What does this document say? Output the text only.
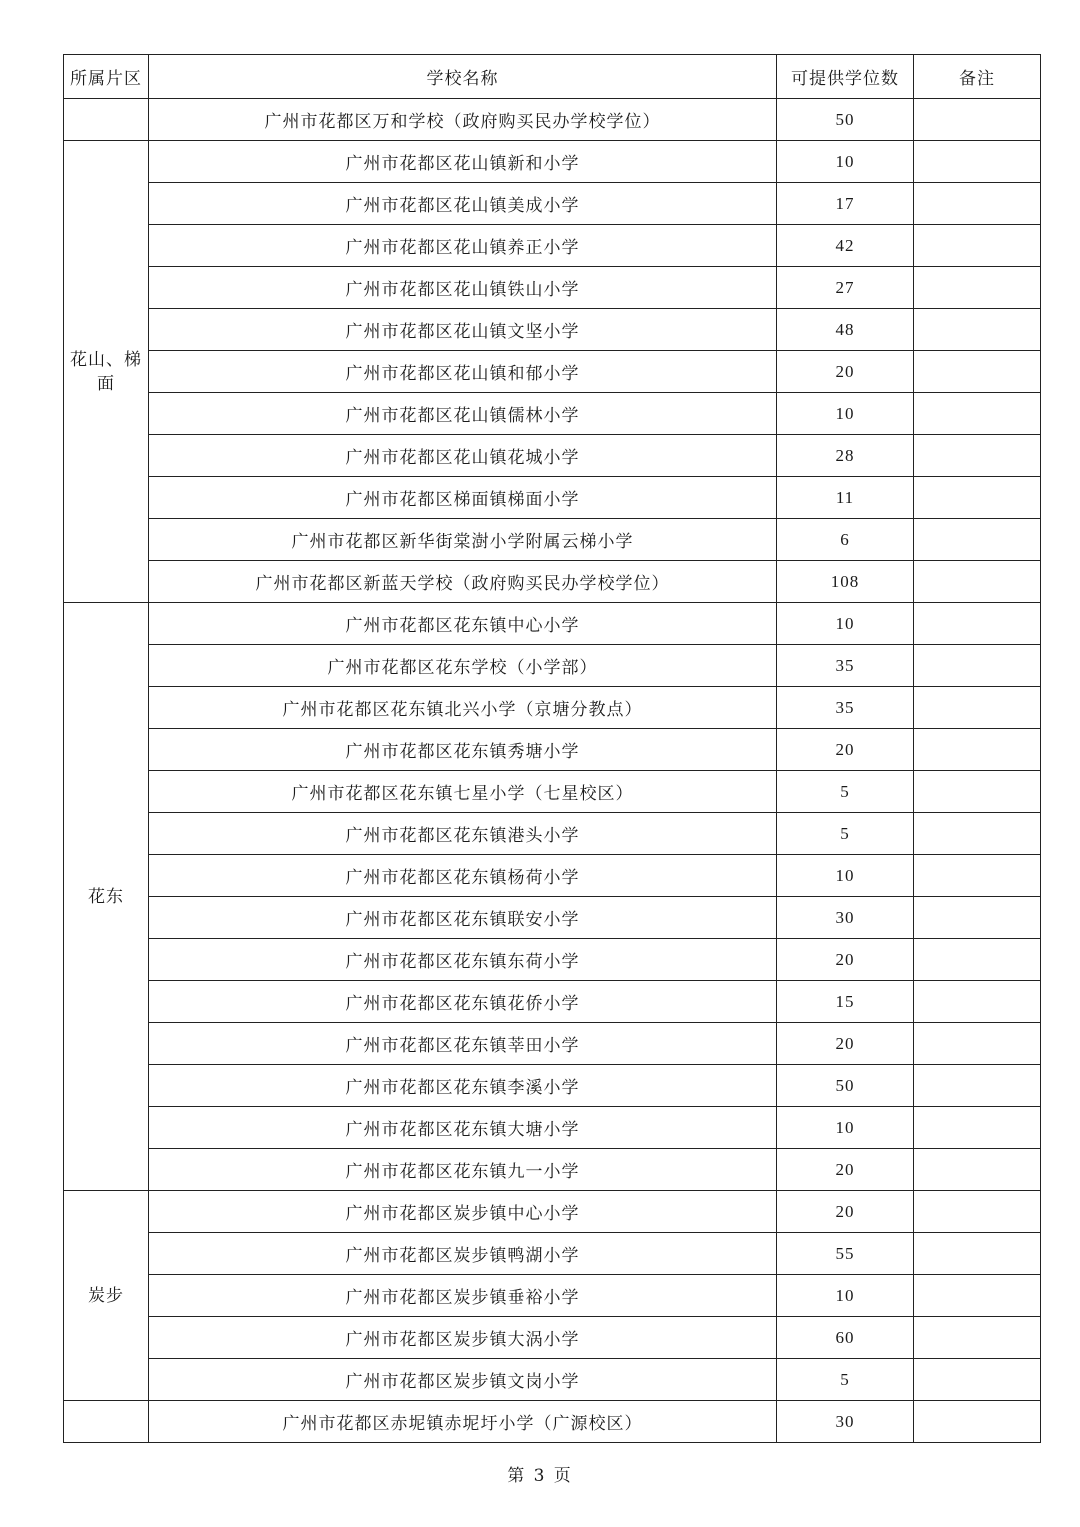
所属片区	学校名称	可提供学位数	备注
	广州市花都区万和学校（政府购买民办学校学位）	50	
花山、梯面	广州市花都区花山镇新和小学	10	
	广州市花都区花山镇美成小学	17	
	广州市花都区花山镇养正小学	42	
	广州市花都区花山镇铁山小学	27	
	广州市花都区花山镇文坚小学	48	
	广州市花都区花山镇和郁小学	20	
	广州市花都区花山镇儒林小学	10	
	广州市花都区花山镇花城小学	28	
	广州市花都区梯面镇梯面小学	11	
	广州市花都区新华街棠澍小学附属云梯小学	6	
	广州市花都区新蓝天学校（政府购买民办学校学位）	108	
花东	广州市花都区花东镇中心小学	10	
	广州市花都区花东学校（小学部）	35	
	广州市花都区花东镇北兴小学（京塘分教点）	35	
	广州市花都区花东镇秀塘小学	20	
	广州市花都区花东镇七星小学（七星校区）	5	
	广州市花都区花东镇港头小学	5	
	广州市花都区花东镇杨荷小学	10	
	广州市花都区花东镇联安小学	30	
	广州市花都区花东镇东荷小学	20	
	广州市花都区花东镇花侨小学	15	
	广州市花都区花东镇莘田小学	20	
	广州市花都区花东镇李溪小学	50	
	广州市花都区花东镇大塘小学	10	
	广州市花都区花东镇九一小学	20	
炭步	广州市花都区炭步镇中心小学	20	
	广州市花都区炭步镇鸭湖小学	55	
	广州市花都区炭步镇垂裕小学	10	
	广州市花都区炭步镇大涡小学	60	
	广州市花都区炭步镇文岗小学	5	
	广州市花都区赤坭镇赤坭圩小学（广源校区）	30	
第 3 页
